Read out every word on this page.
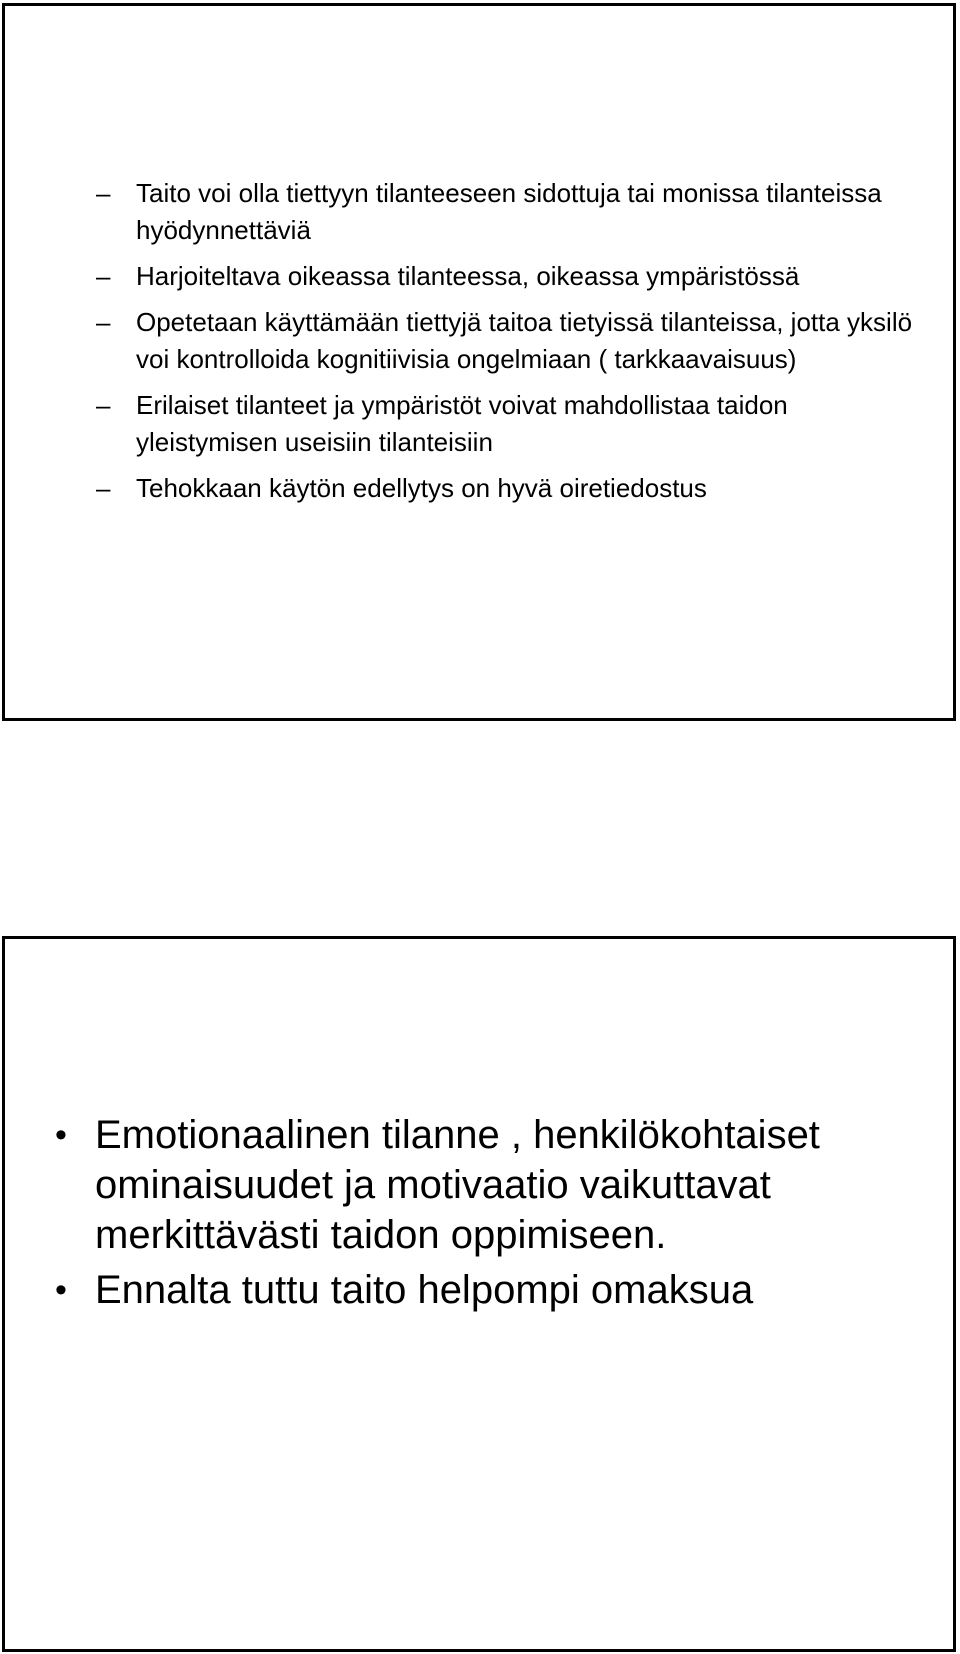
– Taito voi olla tiettyyn tilanteeseen sidottuja tai monissa tilanteissa hyödynnettäviä
– Harjoiteltava oikeassa tilanteessa, oikeassa ympäristössä
– Opetetaan käyttämään tiettyjä taitoa tietyissä tilanteissa, jotta yksilö voi kontrolloida kognitiivisia ongelmiaan ( tarkkaavaisuus)
– Erilaiset tilanteet ja ympäristöt voivat mahdollistaa taidon yleistymisen useisiin tilanteisiin
– Tehokkaan käytön edellytys on hyvä oiretiedostus
• Emotionaalinen tilanne , henkilökohtaiset ominaisuudet ja motivaatio vaikuttavat merkittävästi taidon oppimiseen.
• Ennalta tuttu taito helpompi omaksua
